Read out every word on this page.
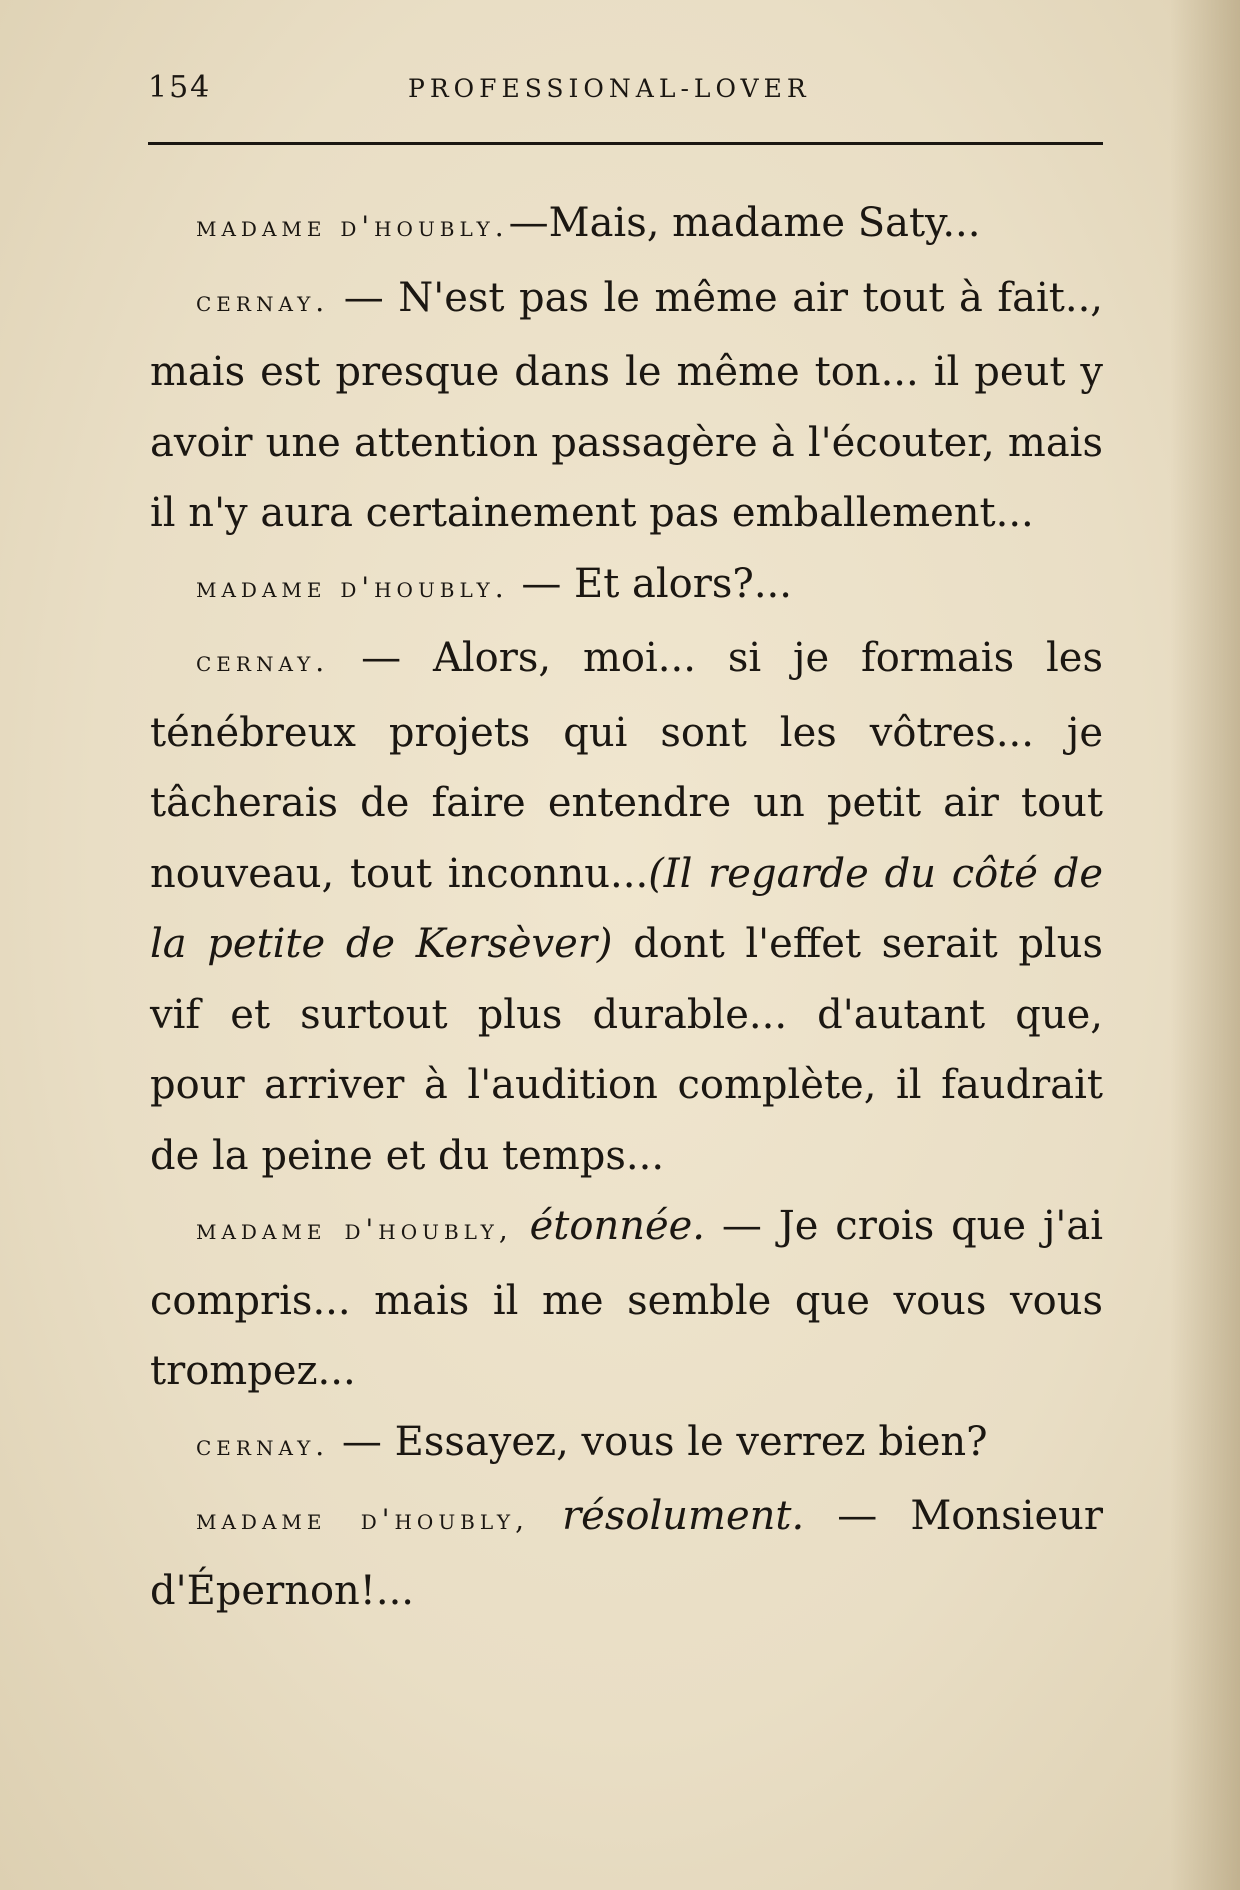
154	PROFESSIONAL-LOVER

madame d'houbly.—Mais, madame Saty...

cernay. — N'est pas le même air tout à fait.., mais est presque dans le même ton... il peut y avoir une attention passagère à l'écouter, mais il n'y aura certainement pas emballement...

madame d'houbly. — Et alors?...

cernay. — Alors, moi... si je formais les ténébreux projets qui sont les vôtres... je tâcherais de faire entendre un petit air tout nouveau, tout inconnu...(Il regarde du côté de la petite de Kersèver) dont l'effet serait plus vif et surtout plus durable... d'autant que, pour arriver à l'audition complète, il faudrait de la peine et du temps...

madame d'houbly, étonnée. — Je crois que j'ai compris... mais il me semble que vous vous trompez...

cernay. — Essayez, vous le verrez bien?

madame d'houbly, résolument. — Monsieur d'Épernon!...
